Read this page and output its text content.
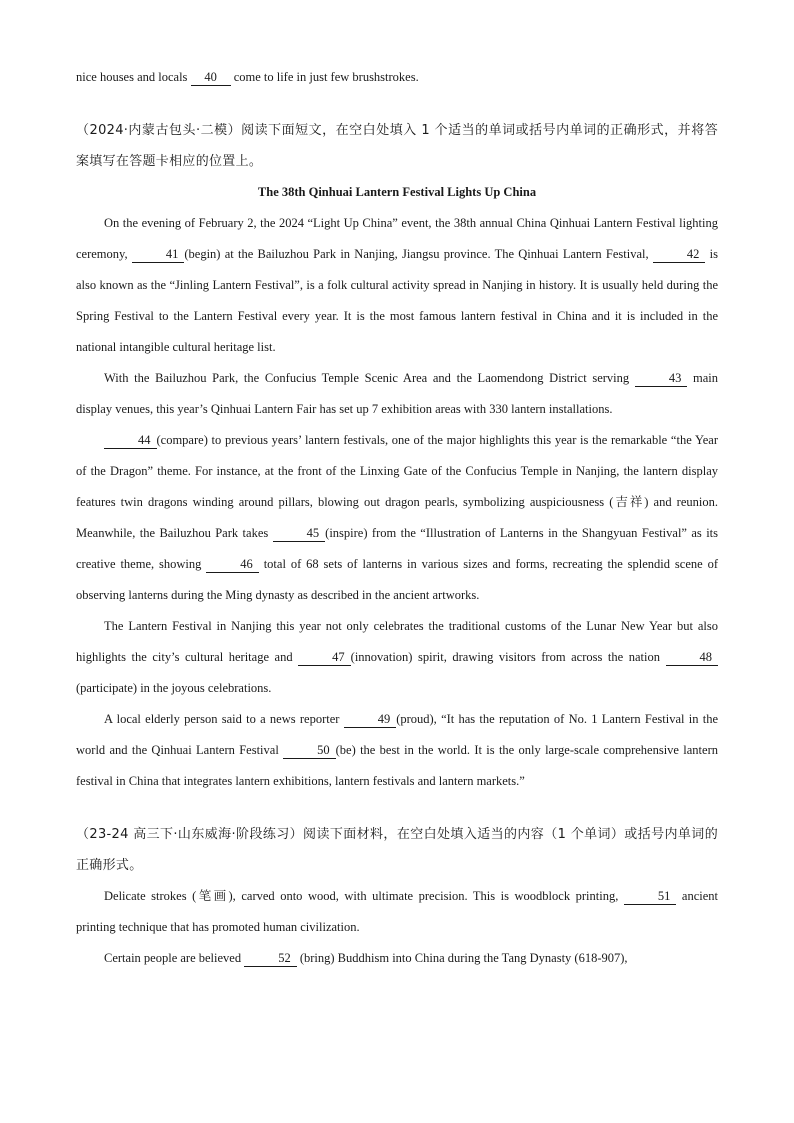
nice houses and locals 40 come to life in just few brushstrokes.

（2024·内蒙古包头·二模）阅读下面短文，在空白处填入 1 个适当的单词或括号内单词的正确形式，并将答案填写在答题卡相应的位置上。

The 38th Qinhuai Lantern Festival Lights Up China

On the evening of February 2, the 2024 “Light Up China” event, the 38th annual China Qinhuai Lantern Festival lighting ceremony,	41 (begin) at the Bailuzhou Park in Nanjing, Jiangsu province. The Qinhuai Lantern Festival,	42 is also known as the “Jinling Lantern Festival”, is a folk cultural activity spread in Nanjing in history. It is usually held during the Spring Festival to the Lantern Festival every year. It is the most famous lantern festival in China and it is included in the national intangible cultural heritage list.

With the Bailuzhou Park, the Confucius Temple Scenic Area and the Laomendong District serving	43 main display venues, this year’s Qinhuai Lantern Fair has set up 7 exhibition areas with 330 lantern installations.

44 (compare) to previous years’ lantern festivals, one of the major highlights this year is the remarkable “the Year of the Dragon” theme. For instance, at the front of the Linxing Gate of the Confucius Temple in Nanjing, the lantern display features twin dragons winding around pillars, blowing out dragon pearls, symbolizing auspiciousness (吉祥) and reunion. Meanwhile, the Bailuzhou Park takes	45 (inspire) from the “Illustration of Lanterns in the Shangyuan Festival” as its creative theme, showing	46 total of 68 sets of lanterns in various sizes and forms, recreating the splendid scene of observing lanterns during the Ming dynasty as described in the ancient artworks.

The Lantern Festival in Nanjing this year not only celebrates the traditional customs of the Lunar New Year but also highlights the city’s cultural heritage and	47 (innovation) spirit, drawing visitors from across the nation	48(participate) in the joyous celebrations.

A local elderly person said to a news reporter	49 (proud), “It has the reputation of No. 1 Lantern Festival in the world and the Qinhuai Lantern Festival	50 (be) the best in the world. It is the only large-scale comprehensive lantern festival in China that integrates lantern exhibitions, lantern festivals and lantern markets.”

（23-24 高三下·山东威海·阶段练习）阅读下面材料，在空白处填入适当的内容（1 个单词）或括号内单词的正确形式。

Delicate strokes (笔画), carved onto wood, with ultimate precision. This is woodblock printing,	51 ancient printing technique that has promoted human civilization.

Certain people are believed	52 (bring) Buddhism into China during the Tang Dynasty (618-907),
